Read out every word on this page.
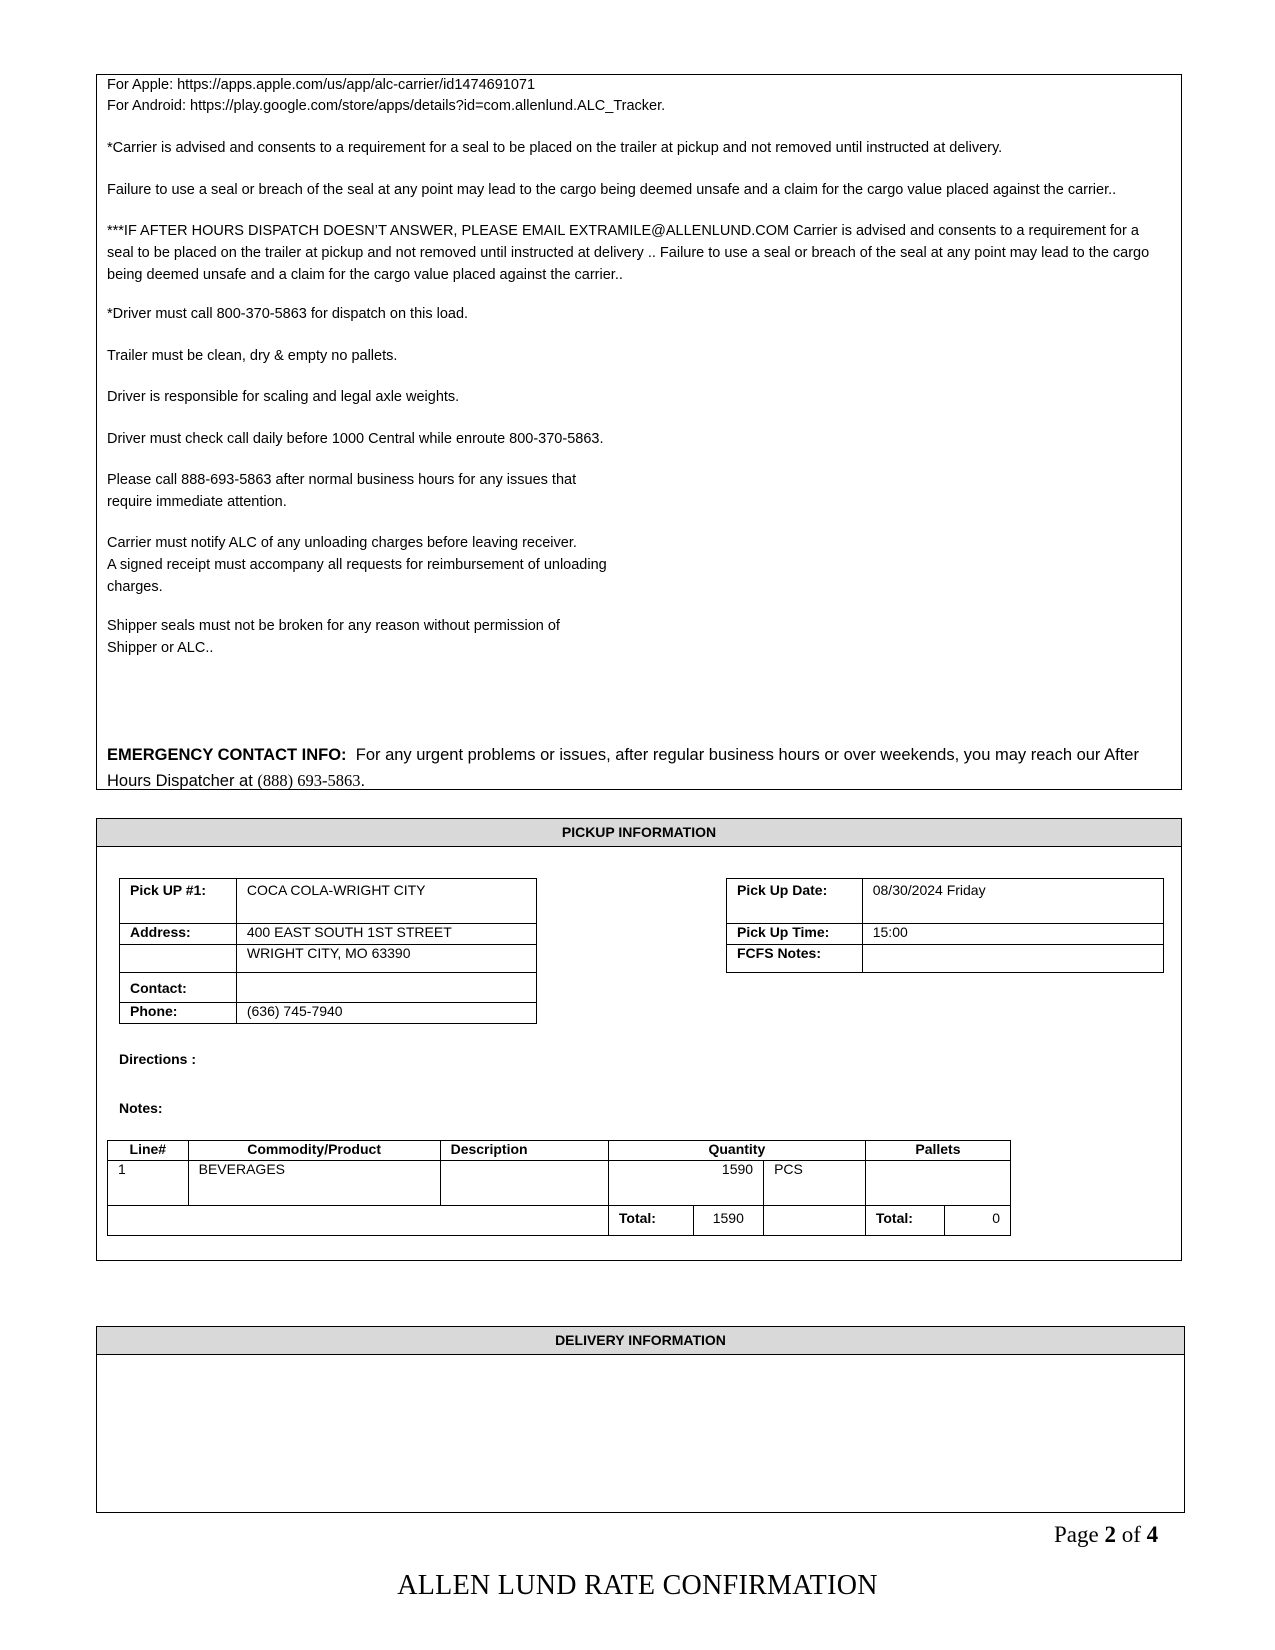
For Apple: https://apps.apple.com/us/app/alc-carrier/id1474691071
For Android: https://play.google.com/store/apps/details?id=com.allenlund.ALC_Tracker.
*Carrier is advised and consents to a requirement for a seal to be placed on the trailer at pickup and not removed until instructed at delivery.
Failure to use a seal or breach of the seal at any point may lead to the cargo being deemed unsafe and a claim for the cargo value placed against the carrier..
***IF AFTER HOURS DISPATCH DOESN’T ANSWER, PLEASE EMAIL EXTRAMILE@ALLENLUND.COM Carrier is advised and consents to a requirement for a seal to be placed on the trailer at pickup and not removed until instructed at delivery .. Failure to use a seal or breach of the seal at any point may lead to the cargo being deemed unsafe and a claim for the cargo value placed against the carrier..
*Driver must call 800-370-5863 for dispatch on this load.
Trailer must be clean, dry & empty no pallets.
Driver is responsible for scaling and legal axle weights.
Driver must check call daily before 1000 Central while enroute 800-370-5863.
Please call 888-693-5863 after normal business hours for any issues that
require immediate attention.
Carrier must notify ALC of any unloading charges before leaving receiver.
A signed receipt must accompany all requests for reimbursement of unloading
charges.
Shipper seals must not be broken for any reason without permission of
Shipper or ALC..
EMERGENCY CONTACT INFO: For any urgent problems or issues, after regular business hours or over weekends, you may reach our After Hours Dispatcher at (888) 693-5863.
PICKUP INFORMATION
Pick UP #1:	COCA COLA-WRIGHT CITY
Address:	400 EAST SOUTH 1ST STREET
	WRIGHT CITY, MO 63390
Contact:	
Phone:	(636) 745-7940
Pick Up Date:	08/30/2024 Friday
Pick Up Time:	15:00
FCFS Notes:	
Directions :
Notes:
Line#	Commodity/Product	Description	Quantity			Pallets	
1	BEVERAGES		1590		PCS		
			Total:	1590		Total:	0
DELIVERY INFORMATION
Page 2 of 4
ALLEN LUND RATE CONFIRMATION
